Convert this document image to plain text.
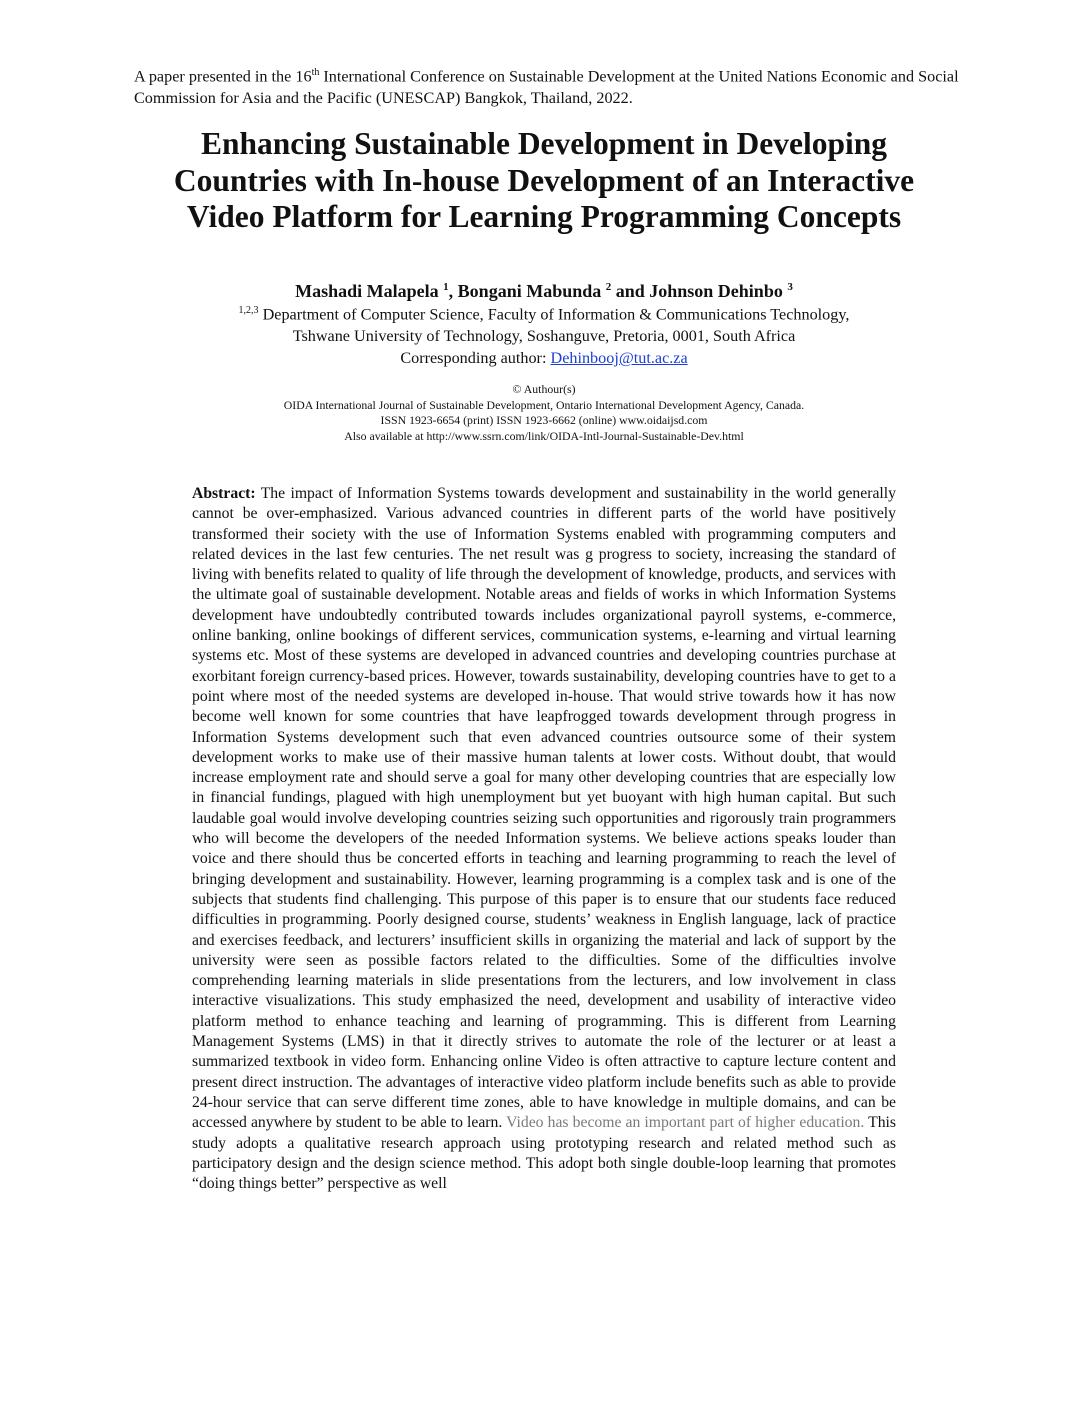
A paper presented in the 16th International Conference on Sustainable Development at the United Nations Economic and Social Commission for Asia and the Pacific (UNESCAP) Bangkok, Thailand, 2022.
Enhancing Sustainable Development in Developing
Countries with In-house Development of an Interactive
Video Platform for Learning Programming Concepts
Mashadi Malapela $^1$, Bongani Mabunda $^2$ and Johnson Dehinbo $^3$
$^{1,2,3}$ Department of Computer Science, Faculty of Information & Communications Technology,
Tshwane University of Technology, Soshanguve, Pretoria, 0001, South Africa
Corresponding author: Dehinbooj@tut.ac.za
© Authour(s)
OIDA International Journal of Sustainable Development, Ontario International Development Agency, Canada.
ISSN 1923-6654 (print) ISSN 1923-6662 (online) www.oidaijsd.com
Also available at http://www.ssrn.com/link/OIDA-Intl-Journal-Sustainable-Dev.html

Abstract: The impact of Information Systems towards development and sustainability in the world generally cannot be over-emphasized. Various advanced countries in different parts of the world have positively transformed their society with the use of Information Systems enabled with programming computers and related devices in the last few centuries. The net result was g progress to society, increasing the standard of living with benefits related to quality of life through the development of knowledge, products, and services with the ultimate goal of sustainable development. Notable areas and fields of works in which Information Systems development have undoubtedly contributed towards includes organizational payroll systems, e-commerce, online banking, online bookings of different services, communication systems, e-learning and virtual learning systems etc. Most of these systems are developed in advanced countries and developing countries purchase at exorbitant foreign currency-based prices. However, towards sustainability, developing countries have to get to a point where most of the needed systems are developed in-house. That would strive towards how it has now become well known for some countries that have leapfrogged towards development through progress in Information Systems development such that even advanced countries outsource some of their system development works to make use of their massive human talents at lower costs. Without doubt, that would increase employment rate and should serve a goal for many other developing countries that are especially low in financial fundings, plagued with high unemployment but yet buoyant with high human capital. But such laudable goal would involve developing countries seizing such opportunities and rigorously train programmers who will become the developers of the needed Information systems. We believe actions speaks louder than voice and there should thus be concerted efforts in teaching and learning programming to reach the level of bringing development and sustainability. However, learning programming is a complex task and is one of the subjects that students find challenging. This purpose of this paper is to ensure that our students face reduced difficulties in programming. Poorly designed course, students’ weakness in English language, lack of practice and exercises feedback, and lecturers’ insufficient skills in organizing the material and lack of support by the university were seen as possible factors related to the difficulties. Some of the difficulties involve comprehending learning materials in slide presentations from the lecturers, and low involvement in class interactive visualizations. This study emphasized the need, development and usability of interactive video platform method to enhance teaching and learning of programming. This is different from Learning Management Systems (LMS) in that it directly strives to automate the role of the lecturer or at least a summarized textbook in video form. Enhancing online Video is often attractive to capture lecture content and present direct instruction. The advantages of interactive video platform include benefits such as able to provide 24-hour service that can serve different time zones, able to have knowledge in multiple domains, and can be accessed anywhere by student to be able to learn. Video has become an important part of higher education. This study adopts a qualitative research approach using prototyping research and related method such as participatory design and the design science method. This adopt both single double-loop learning that promotes “doing things better” perspective as well
